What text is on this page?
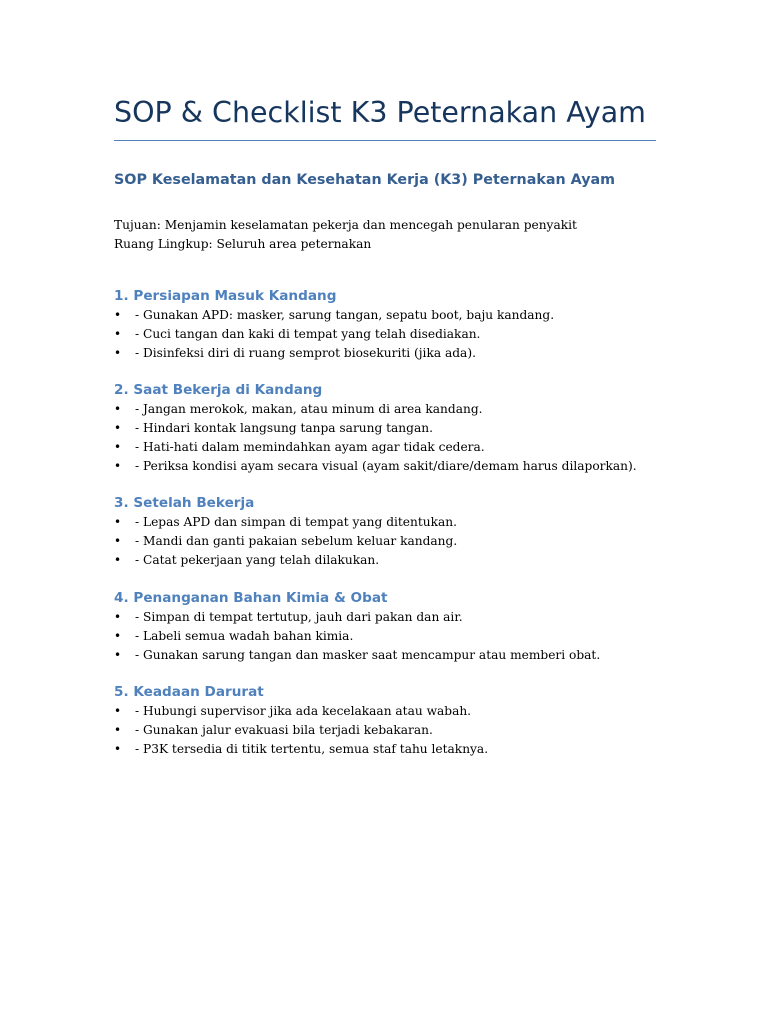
SOP & Checklist K3 Peternakan Ayam
SOP Keselamatan dan Kesehatan Kerja (K3) Peternakan Ayam
Tujuan: Menjamin keselamatan pekerja dan mencegah penularan penyakit
Ruang Lingkup: Seluruh area peternakan
1. Persiapan Masuk Kandang
• - Gunakan APD: masker, sarung tangan, sepatu boot, baju kandang.
• - Cuci tangan dan kaki di tempat yang telah disediakan.
• - Disinfeksi diri di ruang semprot biosekuriti (jika ada).
2. Saat Bekerja di Kandang
• - Jangan merokok, makan, atau minum di area kandang.
• - Hindari kontak langsung tanpa sarung tangan.
• - Hati-hati dalam memindahkan ayam agar tidak cedera.
• - Periksa kondisi ayam secara visual (ayam sakit/diare/demam harus dilaporkan).
3. Setelah Bekerja
• - Lepas APD dan simpan di tempat yang ditentukan.
• - Mandi dan ganti pakaian sebelum keluar kandang.
• - Catat pekerjaan yang telah dilakukan.
4. Penanganan Bahan Kimia & Obat
• - Simpan di tempat tertutup, jauh dari pakan dan air.
• - Labeli semua wadah bahan kimia.
• - Gunakan sarung tangan dan masker saat mencampur atau memberi obat.
5. Keadaan Darurat
• - Hubungi supervisor jika ada kecelakaan atau wabah.
• - Gunakan jalur evakuasi bila terjadi kebakaran.
• - P3K tersedia di titik tertentu, semua staf tahu letaknya.
